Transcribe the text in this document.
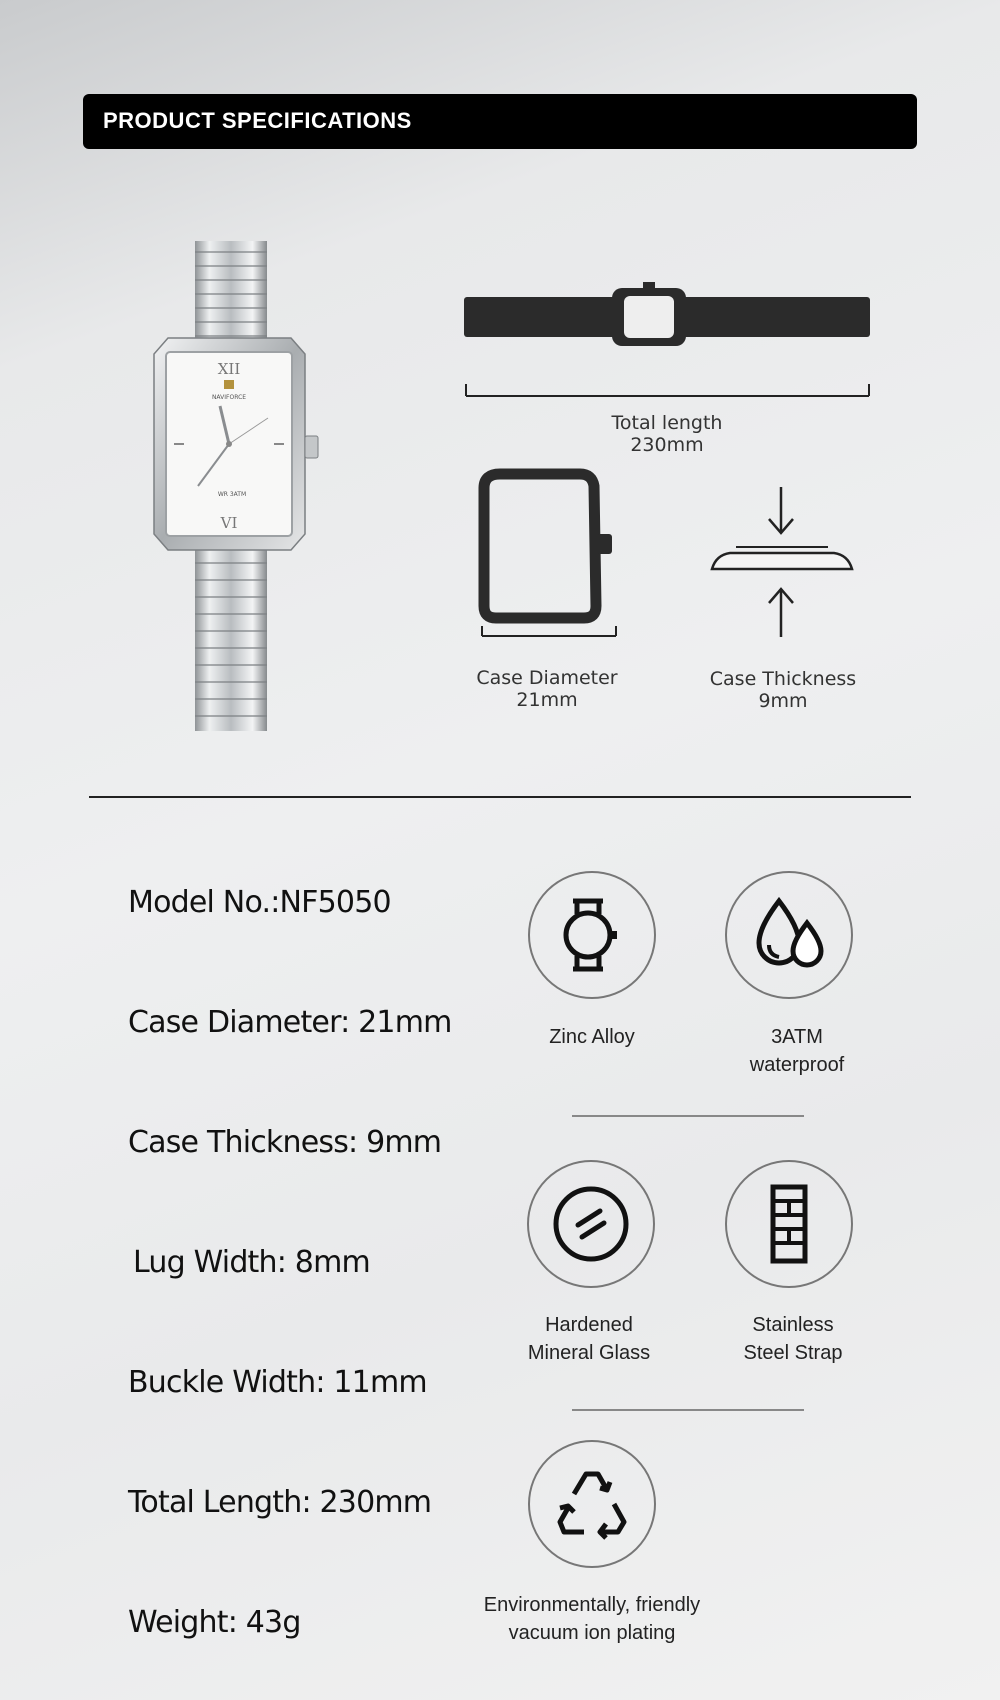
PRODUCT SPECIFICATIONS
XII
VI
NAVIFORCE
WR 3ATM
Total length
230mm
Case Diameter
21mm
Case Thickness
9mm
Model No.:NF5050
Case Diameter: 21mm
Case Thickness: 9mm
Lug Width: 8mm
Buckle Width: 11mm
Total Length: 230mm
Weight: 43g
Zinc Alloy	3ATM
waterproof
Hardened
Mineral Glass
Stainless
Steel Strap
Environmentally, friendly
vacuum ion plating
